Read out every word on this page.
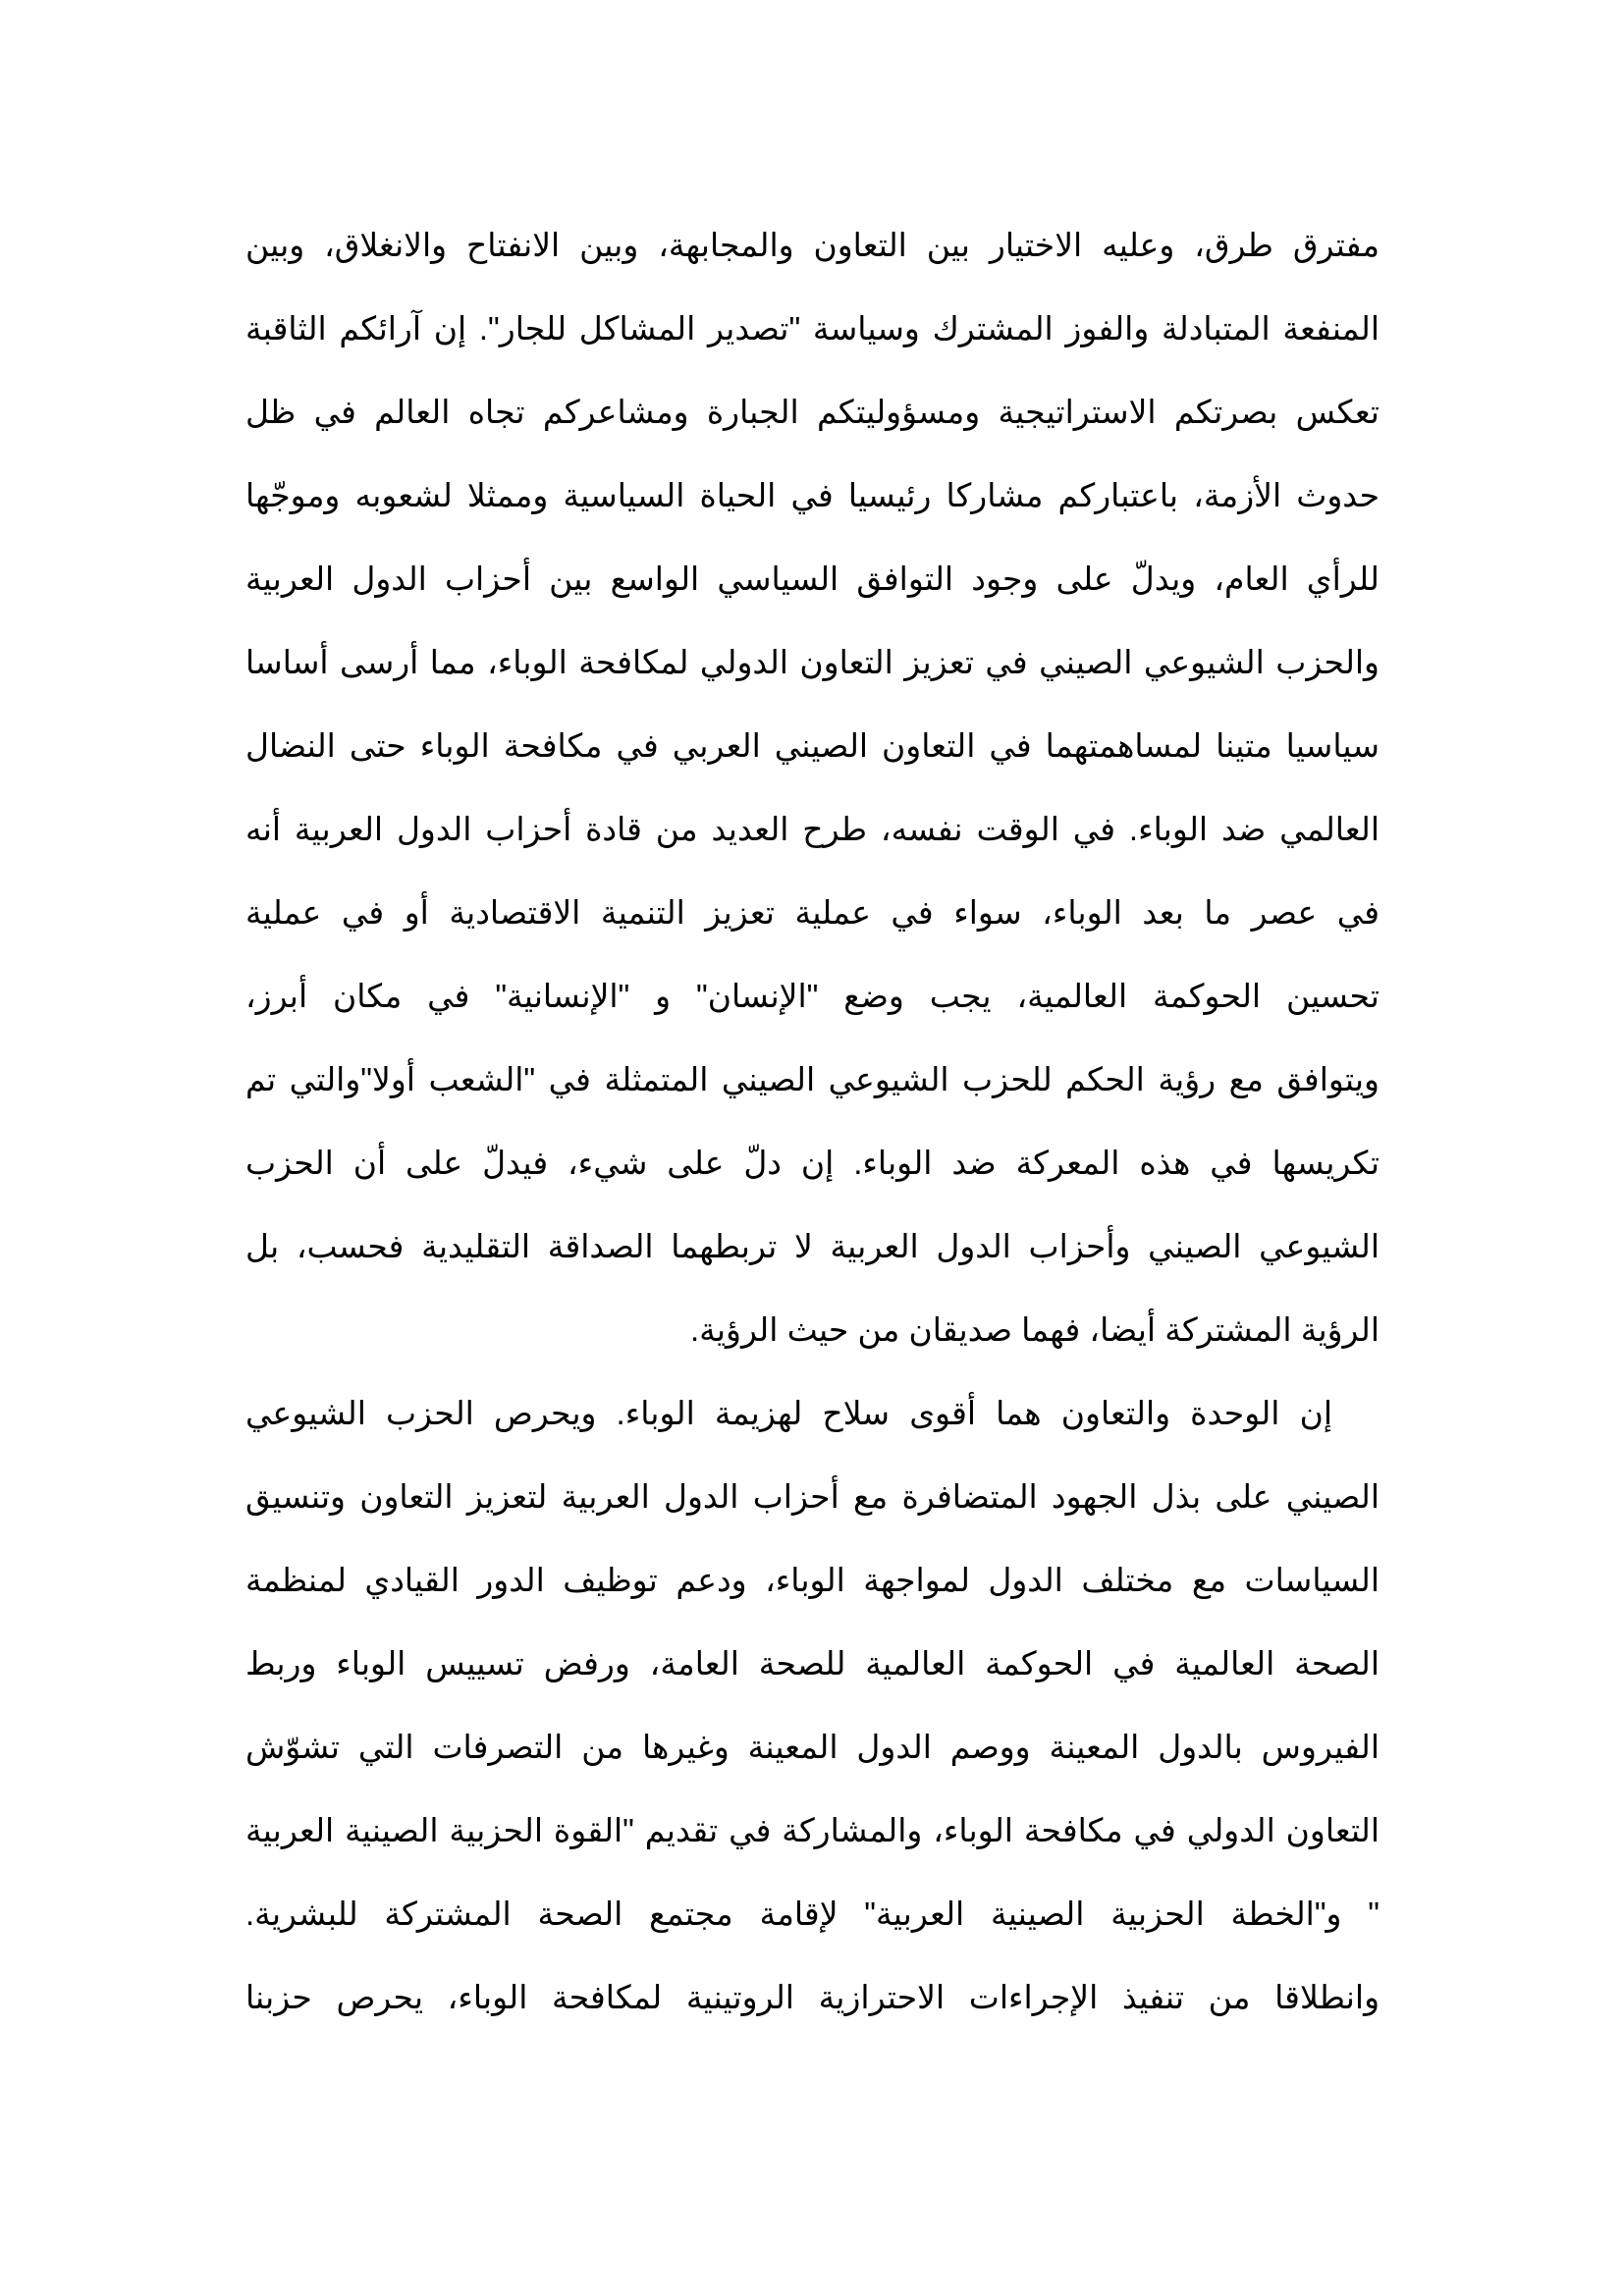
مفترق طرق، وعليه الاختيار بين التعاون والمجابهة، وبين الانفتاح والانغلاق، وبين
المنفعة المتبادلة والفوز المشترك وسياسة "تصدير المشاكل للجار". إن آرائكم الثاقبة
تعكس بصرتكم الاستراتيجية ومسؤوليتكم الجبارة ومشاعركم تجاه العالم في ظل
حدوث الأزمة، باعتباركم مشاركا رئيسيا في الحياة السياسية وممثلا لشعوبه وموجّها
للرأي العام، ويدلّ على وجود التوافق السياسي الواسع بين أحزاب الدول العربية
والحزب الشيوعي الصيني في تعزيز التعاون الدولي لمكافحة الوباء، مما أرسى أساسا
سياسيا متينا لمساهمتهما في التعاون الصيني العربي في مكافحة الوباء حتى النضال
العالمي ضد الوباء. في الوقت نفسه، طرح العديد من قادة أحزاب الدول العربية أنه
في عصر ما بعد الوباء، سواء في عملية تعزيز التنمية الاقتصادية أو في عملية
تحسين الحوكمة العالمية، يجب وضع "الإنسان" و "الإنسانية" في مكان أبرز،
ويتوافق مع رؤية الحكم للحزب الشيوعي الصيني المتمثلة في "الشعب أولا"والتي تم
تكريسها في هذه المعركة ضد الوباء. إن دلّ على شيء، فيدلّ على أن الحزب
الشيوعي الصيني وأحزاب الدول العربية لا تربطهما الصداقة التقليدية فحسب، بل
الرؤية المشتركة أيضا، فهما صديقان من حيث الرؤية.
إن الوحدة والتعاون هما أقوى سلاح لهزيمة الوباء. ويحرص الحزب الشيوعي
الصيني على بذل الجهود المتضافرة مع أحزاب الدول العربية لتعزيز التعاون وتنسيق
السياسات مع مختلف الدول لمواجهة الوباء، ودعم توظيف الدور القيادي لمنظمة
الصحة العالمية في الحوكمة العالمية للصحة العامة، ورفض تسييس الوباء وربط
الفيروس بالدول المعينة ووصم الدول المعينة وغيرها من التصرفات التي تشوّش
التعاون الدولي في مكافحة الوباء، والمشاركة في تقديم "القوة الحزبية الصينية العربية
" و"الخطة الحزبية الصينية العربية" لإقامة مجتمع الصحة المشتركة للبشرية.
وانطلاقا من تنفيذ الإجراءات الاحترازية الروتينية لمكافحة الوباء، يحرص حزبنا
